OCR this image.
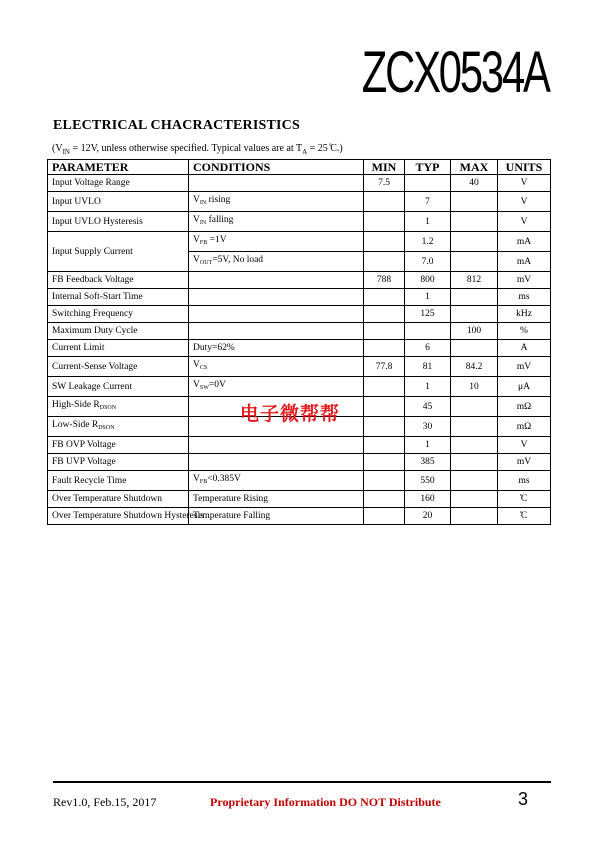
ZCX0534A
ELECTRICAL CHACRACTERISTICS
($V_{IN} = 12V$, unless otherwise specified. Typical values are at $T_A = 25$ ̊C.)
PARAMETER	CONDITIONS	MIN	TYP	MAX	UNITS
Input Voltage Range		7.5		40	V
Input UVLO	$V_{IN}$ rising		7		V
Input UVLO Hysteresis	$V_{IN}$ falling		1		V
Input Supply Current	$V_{FB} =1V$		1.2		mA
	$V_{OUT}=5V$, No load		7.0		mA
FB Feedback Voltage		788	800	812	mV
Internal Soft-Start Time			1		ms
Switching Frequency			125		kHz
Maximum Duty Cycle				100	%
Current Limit	Duty=62%		6		A
Current-Sense Voltage	$V_{CS}$	77.8	81	84.2	mV
SW Leakage Current	$V_{SW}=0V$		1	10	μA
High-Side $R_{DSON}$			45		mΩ
Low-Side $R_{DSON}$			30		mΩ
FB OVP Voltage			1		V
FB UVP Voltage			385		mV
Fault Recycle Time	$V_{FB}<0.385V$		550		ms
Over Temperature Shutdown	Temperature Rising		160		̊C
Over Temperature Shutdown Hysteresis	Temperature Falling		20		̊C
电子微帮帮
Rev1.0, Feb.15, 2017	Proprietary Information DO NOT Distribute	3
